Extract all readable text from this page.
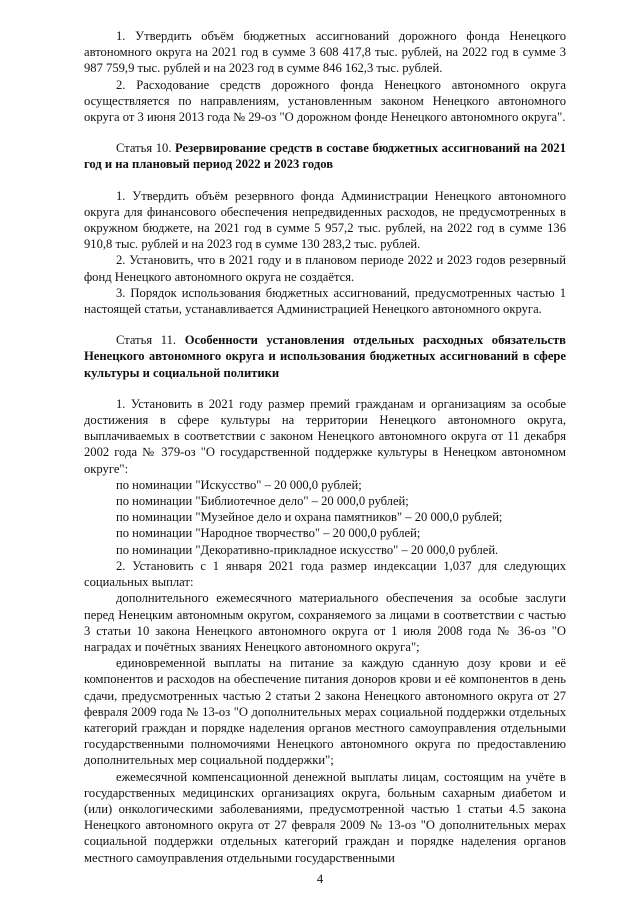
1. Утвердить объём бюджетных ассигнований дорожного фонда Ненецкого автономного округа на 2021 год в сумме 3 608 417,8 тыс. рублей, на 2022 год в сумме 3 987 759,9 тыс. рублей и на 2023 год в сумме 846 162,3 тыс. рублей.

2. Расходование средств дорожного фонда Ненецкого автономного округа осуществляется по направлениям, установленным законом Ненецкого автономного округа от 3 июня 2013 года № 29-оз "О дорожном фонде Ненецкого автономного округа".

Статья 10. Резервирование средств в составе бюджетных ассигнований на 2021 год и на плановый период 2022 и 2023 годов

1. Утвердить объём резервного фонда Администрации Ненецкого автономного округа для финансового обеспечения непредвиденных расходов, не предусмотренных в окружном бюджете, на 2021 год в сумме 5 957,2 тыс. рублей, на 2022 год в сумме 136 910,8 тыс. рублей и на 2023 год в сумме 130 283,2 тыс. рублей.

2. Установить, что в 2021 году и в плановом периоде 2022 и 2023 годов резервный фонд Ненецкого автономного округа не создаётся.

3. Порядок использования бюджетных ассигнований, предусмотренных частью 1 настоящей статьи, устанавливается Администрацией Ненецкого автономного округа.

Статья 11. Особенности установления отдельных расходных обязательств Ненецкого автономного округа и использования бюджетных ассигнований в сфере культуры и социальной политики

1. Установить в 2021 году размер премий гражданам и организациям за особые достижения в сфере культуры на территории Ненецкого автономного округа, выплачиваемых в соответствии с законом Ненецкого автономного округа от 11 декабря 2002 года № 379-оз "О государственной поддержке культуры в Ненецком автономном округе":

по номинации "Искусство" – 20 000,0 рублей;

по номинации "Библиотечное дело" – 20 000,0 рублей;

по номинации "Музейное дело и охрана памятников" – 20 000,0 рублей;

по номинации "Народное творчество" – 20 000,0 рублей;

по номинации "Декоративно-прикладное искусство" – 20 000,0 рублей.

2. Установить с 1 января 2021 года размер индексации 1,037 для следующих социальных выплат:

дополнительного ежемесячного материального обеспечения за особые заслуги перед Ненецким автономным округом, сохраняемого за лицами в соответствии с частью 3 статьи 10 закона Ненецкого автономного округа от 1 июля 2008 года № 36-оз "О наградах и почётных званиях Ненецкого автономного округа";

единовременной выплаты на питание за каждую сданную дозу крови и её компонентов и расходов на обеспечение питания доноров крови и её компонентов в день сдачи, предусмотренных частью 2 статьи 2 закона Ненецкого автономного округа от 27 февраля 2009 года № 13-оз "О дополнительных мерах социальной поддержки отдельных категорий граждан и порядке наделения органов местного самоуправления отдельными государственными полномочиями Ненецкого автономного округа по предоставлению дополнительных мер социальной поддержки";

ежемесячной компенсационной денежной выплаты лицам, состоящим на учёте в государственных медицинских организациях округа, больным сахарным диабетом и (или) онкологическими заболеваниями, предусмотренной частью 1 статьи 4.5 закона Ненецкого автономного округа от 27 февраля 2009 № 13-оз "О дополнительных мерах социальной поддержки отдельных категорий граждан и порядке наделения органов местного самоуправления отдельными государственными

4
